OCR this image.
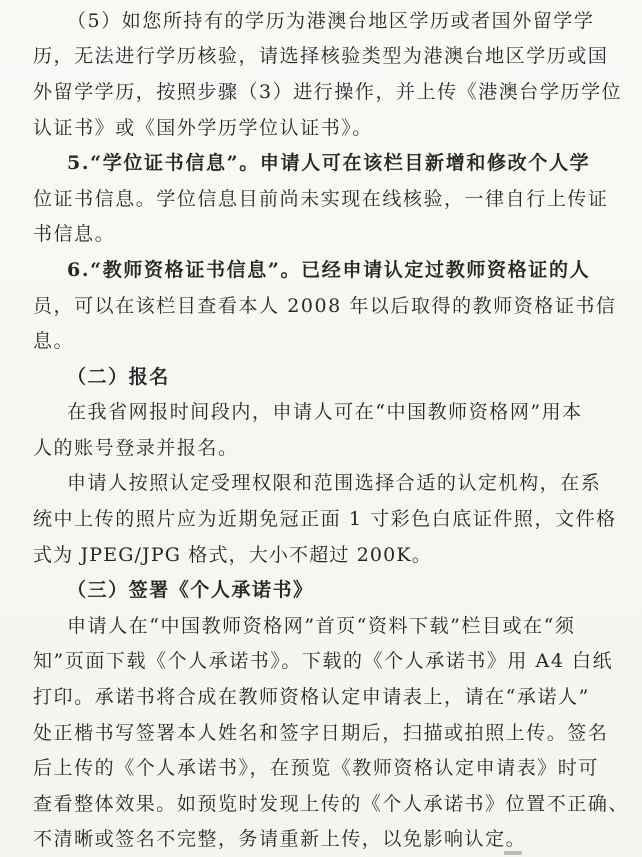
（5）如您所持有的学历为港澳台地区学历或者国外留学学
历，无法进行学历核验，请选择核验类型为港澳台地区学历或国
外留学学历，按照步骤（3）进行操作，并上传《港澳台学历学位
认证书》或《国外学历学位认证书》。
5.“学位证书信息”。申请人可在该栏目新增和修改个人学
位证书信息。学位信息目前尚未实现在线核验，一律自行上传证
书信息。
6.“教师资格证书信息”。已经申请认定过教师资格证的人
员，可以在该栏目查看本人 2008 年以后取得的教师资格证书信
息。
（二）报名
在我省网报时间段内，申请人可在“中国教师资格网”用本
人的账号登录并报名。
申请人按照认定受理权限和范围选择合适的认定机构，在系
统中上传的照片应为近期免冠正面 1 寸彩色白底证件照，文件格
式为 JPEG/JPG 格式，大小不超过 200K。
（三）签署《个人承诺书》
申请人在“中国教师资格网”首页“资料下载”栏目或在“须
知”页面下载《个人承诺书》。下载的《个人承诺书》用 A4 白纸
打印。承诺书将合成在教师资格认定申请表上，请在“承诺人”
处正楷书写签署本人姓名和签字日期后，扫描或拍照上传。签名
后上传的《个人承诺书》，在预览《教师资格认定申请表》时可
查看整体效果。如预览时发现上传的《个人承诺书》位置不正确、
不清晰或签名不完整，务请重新上传，以免影响认定。
